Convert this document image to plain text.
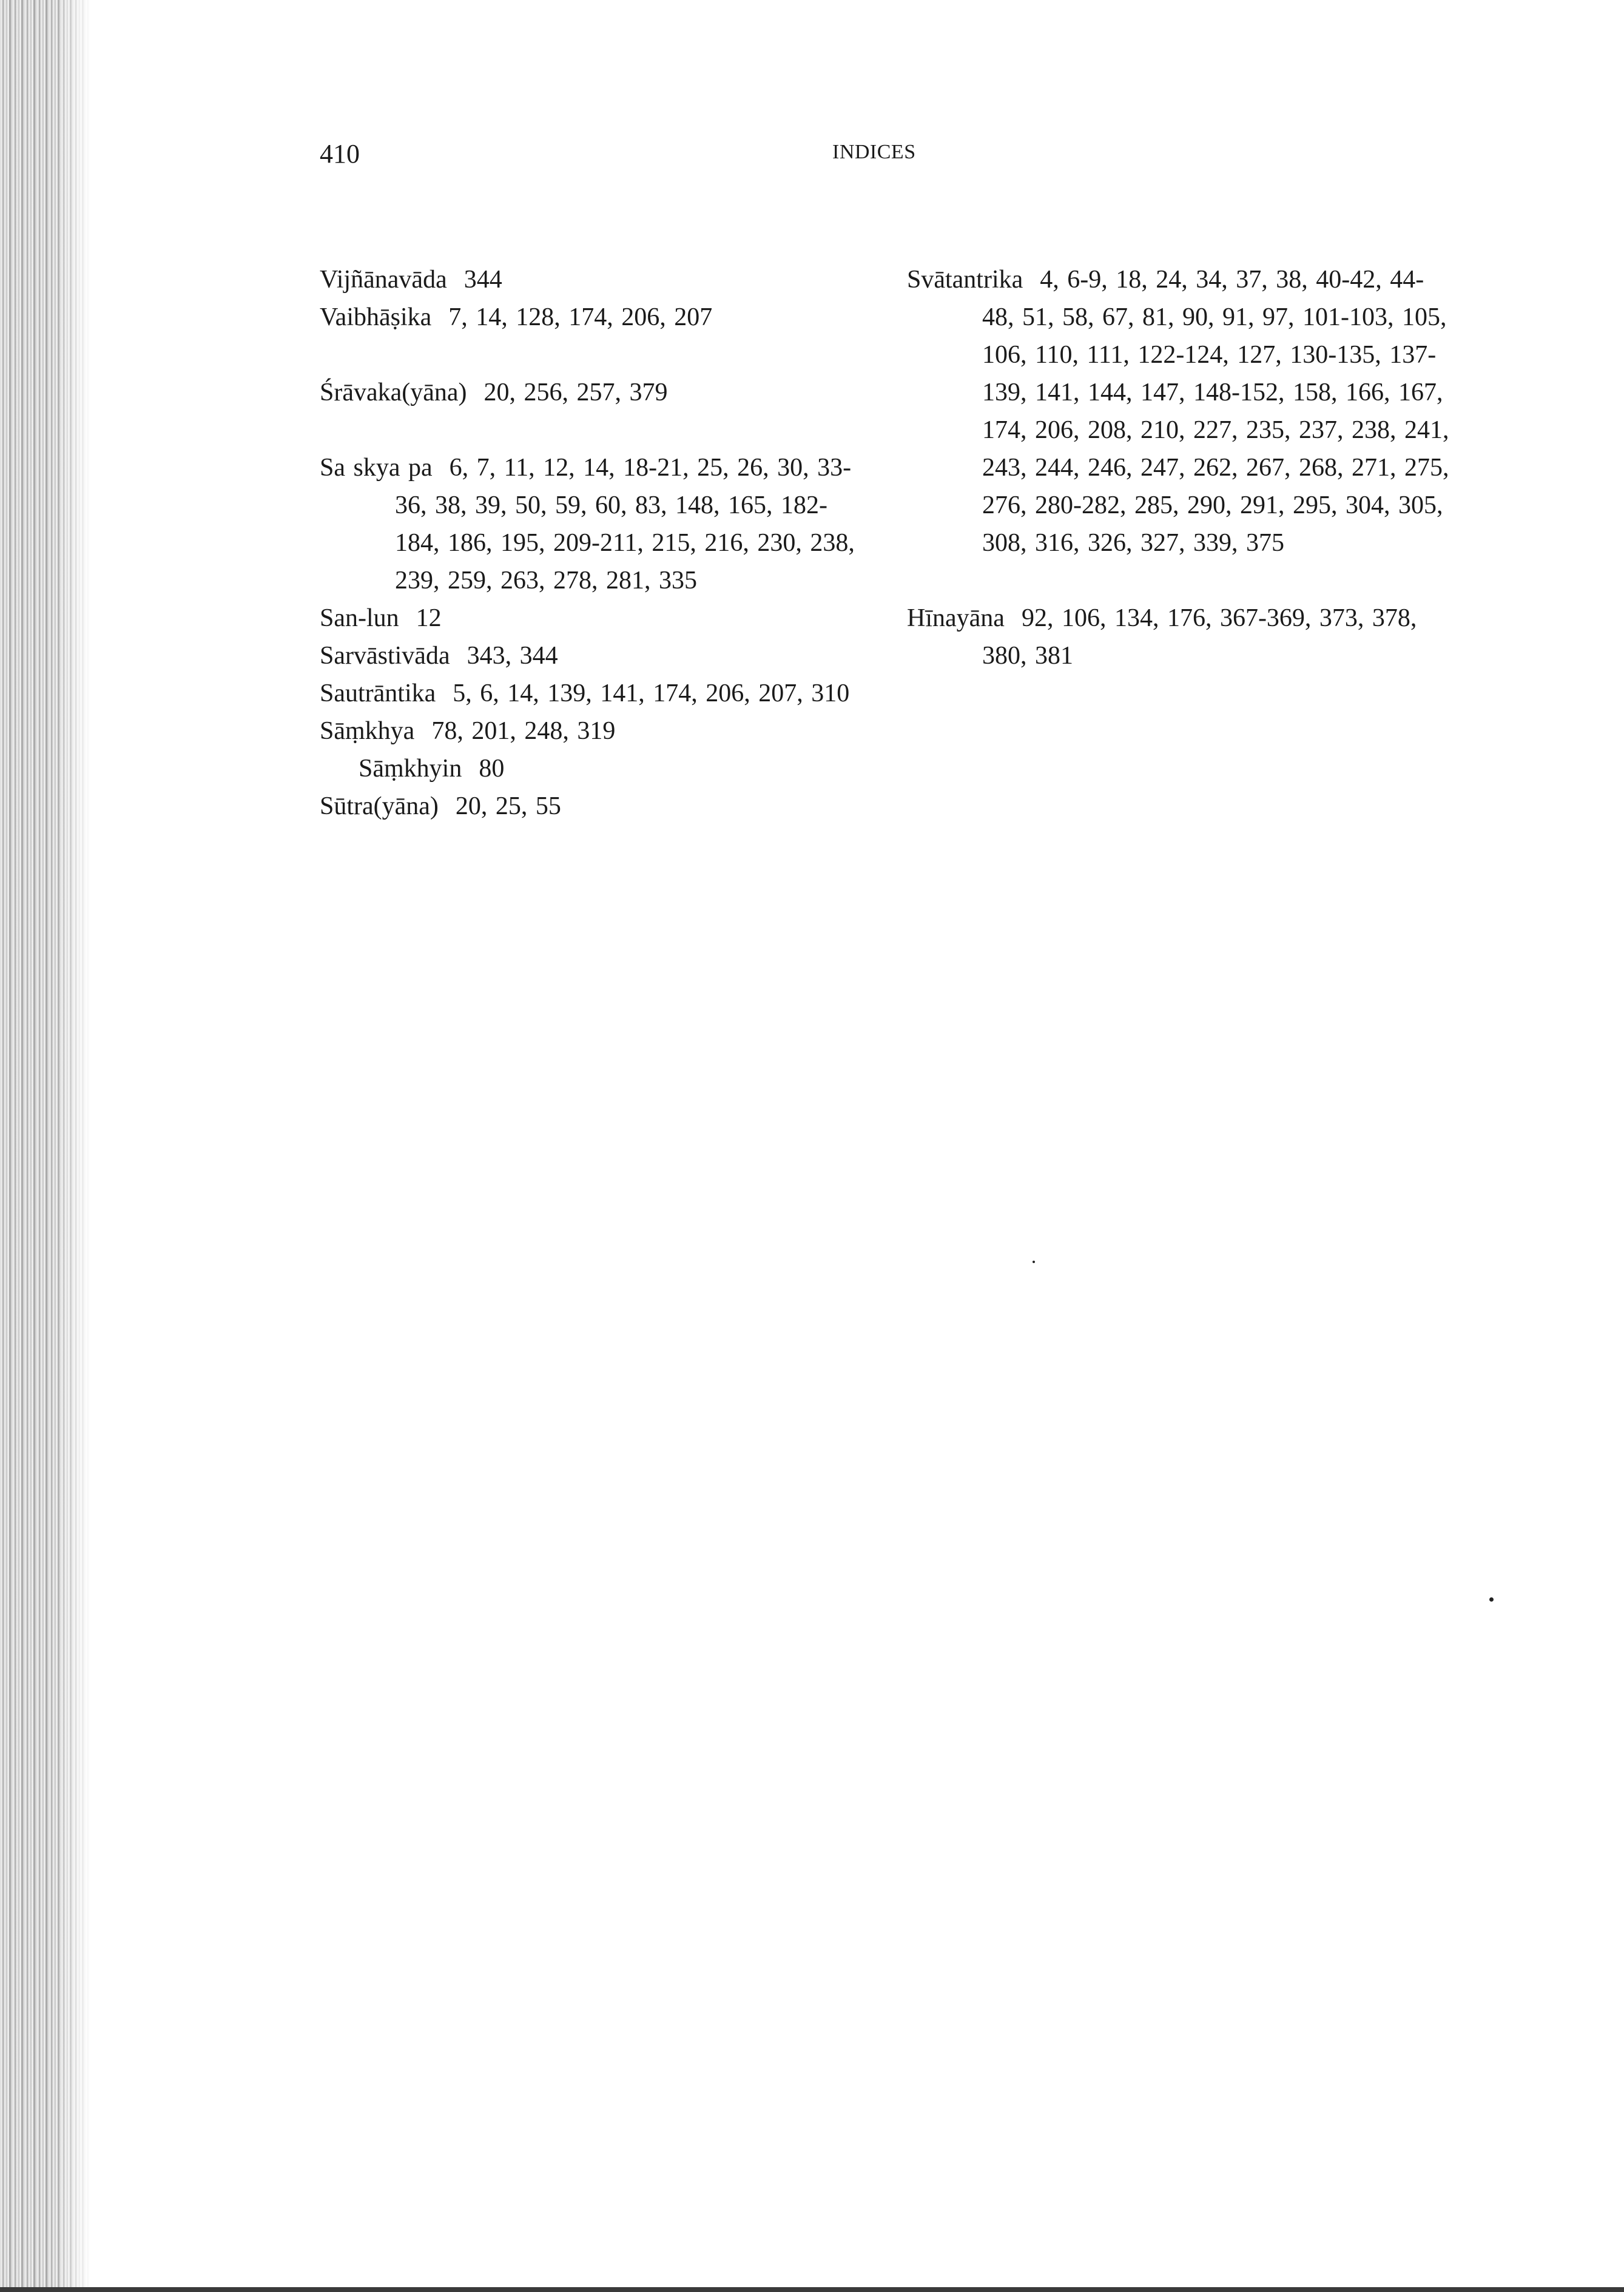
410	INDICES
Vijñānavāda 344
Vaibhāṣika 7, 14, 128, 174, 206, 207
Śrāvaka(yāna) 20, 256, 257, 379
Sa skya pa 6, 7, 11, 12, 14, 18-21, 25, 26, 30, 33-36, 38, 39, 50, 59, 60, 83, 148, 165, 182-184, 186, 195, 209-211, 215, 216, 230, 238, 239, 259, 263, 278, 281, 335
San-lun 12
Sarvāstivāda 343, 344
Sautrāntika 5, 6, 14, 139, 141, 174, 206, 207, 310
Sāṃkhya 78, 201, 248, 319
Sāṃkhyin 80
Sūtra(yāna) 20, 25, 55
Svātantrika 4, 6-9, 18, 24, 34, 37, 38, 40-42, 44-48, 51, 58, 67, 81, 90, 91, 97, 101-103, 105, 106, 110, 111, 122-124, 127, 130-135, 137-139, 141, 144, 147, 148-152, 158, 166, 167, 174, 206, 208, 210, 227, 235, 237, 238, 241, 243, 244, 246, 247, 262, 267, 268, 271, 275, 276, 280-282, 285, 290, 291, 295, 304, 305, 308, 316, 326, 327, 339, 375
Hīnayāna 92, 106, 134, 176, 367-369, 373, 378, 380, 381
